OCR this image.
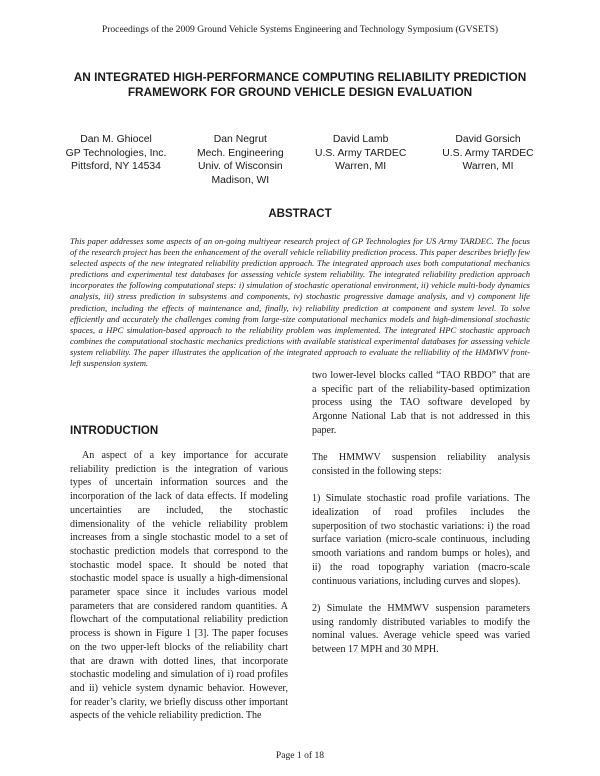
Proceedings of the 2009 Ground Vehicle Systems Engineering and Technology Symposium (GVSETS)
AN INTEGRATED HIGH-PERFORMANCE COMPUTING RELIABILITY PREDICTION
FRAMEWORK FOR GROUND VEHICLE DESIGN EVALUATION
Dan M. Ghiocel
GP Technologies, Inc.
Pittsford, NY 14534
Dan Negrut
Mech. Engineering
Univ. of Wisconsin
Madison, WI
David Lamb
U.S. Army TARDEC
Warren, MI
David Gorsich
U.S. Army TARDEC
Warren, MI
ABSTRACT

This paper addresses some aspects of an on-going multiyear research project of GP Technologies for US Army TARDEC. The focus of the research project has been the enhancement of the overall vehicle reliability prediction process. This paper describes briefly few selected aspects of the new integrated reliability prediction approach. The integrated approach uses both computational mechanics predictions and experimental test databases for assessing vehicle system reliability. The integrated reliability prediction approach incorporates the following computational steps: i) simulation of stochastic operational environment, ii) vehicle multi-body dynamics analysis, iii) stress prediction in subsystems and components, iv) stochastic progressive damage analysis, and v) component life prediction, including the effects of maintenance and, finally, iv) reliability prediction at component and system level. To solve efficiently and accurately the challenges coming from large-size computational mechanics models and high-dimensional stochastic spaces, a HPC simulation-based approach to the reliability problem was implemented. The integrated HPC stochastic approach combines the computational stochastic mechanics predictions with available statistical experimental databases for assessing vehicle system reliability. The paper illustrates the application of the integrated approach to evaluate the relliability of the HMMWV front-left suspension system.

INTRODUCTION

An aspect of a key importance for accurate reliability prediction is the integration of various types of uncertain information sources and the incorporation of the lack of data effects. If modeling uncertainties are included, the stochastic dimensionality of the vehicle reliability problem increases from a single stochastic model to a set of stochastic prediction models that correspond to the stochastic model space. It should be noted that stochastic model space is usually a high-dimensional parameter space since it includes various model parameters that are considered random quantities. A flowchart of the computational reliability prediction process is shown in Figure 1 [3]. The paper focuses on the two upper-left blocks of the reliability chart that are drawn with dotted lines, that incorporate stochastic modeling and simulation of i) road profiles and ii) vehicle system dynamic behavior. However, for reader’s clarity, we briefly discuss other important aspects of the vehicle reliability prediction. The

two lower-level blocks called “TAO RBDO” that are a specific part of the reliability-based optimization process using the TAO software developed by Argonne National Lab that is not addressed in this paper.

The HMMWV suspension reliability analysis consisted in the following steps:

1) Simulate stochastic road profile variations. The idealization of road profiles includes the superposition of two stochastic variations: i) the road surface variation (micro-scale continuous, including smooth variations and random bumps or holes), and ii) the road topography variation (macro-scale continuous variations, including curves and slopes).

2) Simulate the HMMWV suspension parameters using randomly distributed variables to modify the nominal values. Average vehicle speed was varied between 17 MPH and 30 MPH.

Page 1 of 18
